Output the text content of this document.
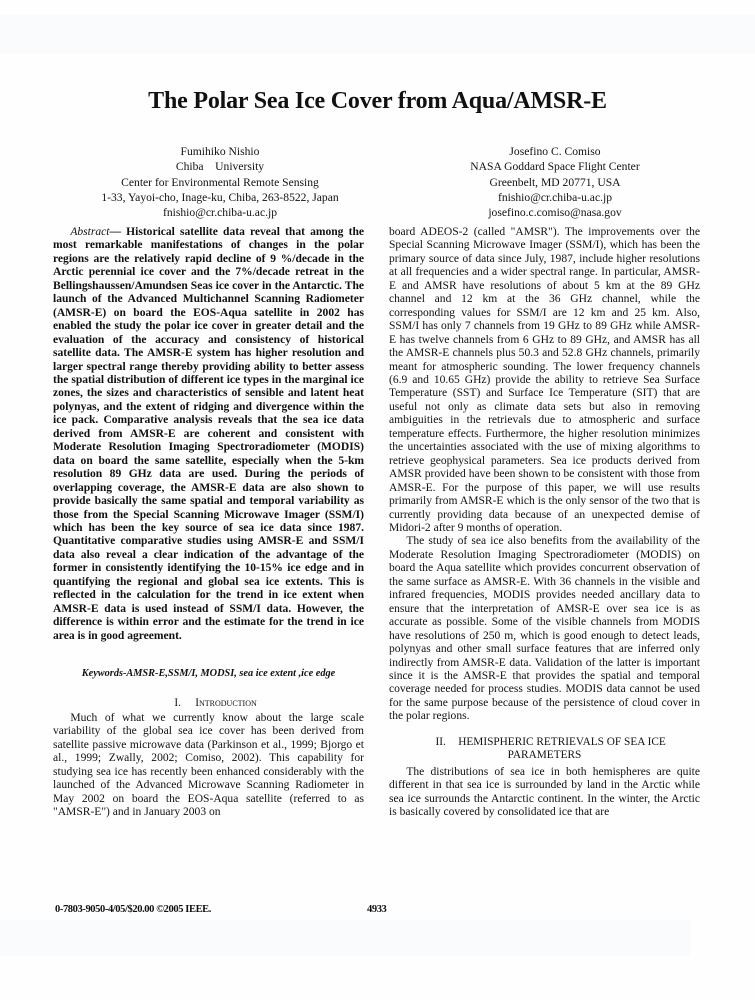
The Polar Sea Ice Cover from Aqua/AMSR-E
Fumihiko Nishio
Chiba    University
Center for Environmental Remote Sensing
1-33, Yayoi-cho, Inage-ku, Chiba, 263-8522, Japan
fnishio@cr.chiba-u.ac.jp
Josefino C. Comiso
NASA Goddard Space Flight Center
Greenbelt, MD 20771, USA
fnishio@cr.chiba-u.ac.jp
josefino.c.comiso@nasa.gov

Abstract— Historical satellite data reveal that among the most remarkable manifestations of changes in the polar regions are the relatively rapid decline of 9 %/decade in the Arctic perennial ice cover and the 7%/decade retreat in the Bellingshaussen/Amundsen Seas ice cover in the Antarctic. The launch of the Advanced Multichannel Scanning Radiometer (AMSR-E) on board the EOS-Aqua satellite in 2002 has enabled the study the polar ice cover in greater detail and the evaluation of the accuracy and consistency of historical satellite data. The AMSR-E system has higher resolution and larger spectral range thereby providing ability to better assess the spatial distribution of different ice types in the marginal ice zones, the sizes and characteristics of sensible and latent heat polynyas, and the extent of ridging and divergence within the ice pack. Comparative analysis reveals that the sea ice data derived from AMSR-E are coherent and consistent with Moderate Resolution Imaging Spectroradiometer (MODIS) data on board the same satellite, especially when the 5-km resolution 89 GHz data are used. During the periods of overlapping coverage, the AMSR-E data are also shown to provide basically the same spatial and temporal variability as those from the Special Scanning Microwave Imager (SSM/I) which has been the key source of sea ice data since 1987. Quantitative comparative studies using AMSR-E and SSM/I data also reveal a clear indication of the advantage of the former in consistently identifying the 10-15% ice edge and in quantifying the regional and global sea ice extents. This is reflected in the calculation for the trend in ice extent when AMSR-E data is used instead of SSM/I data. However, the difference is within error and the estimate for the trend in ice area is in good agreement.

Keywords-AMSR-E,SSM/I, MODSI, sea ice extent ,ice edge

I. Introduction

Much of what we currently know about the large scale variability of the global sea ice cover has been derived from satellite passive microwave data (Parkinson et al., 1999; Bjorgo et al., 1999; Zwally, 2002; Comiso, 2002). This capability for studying sea ice has recently been enhanced considerably with the launched of the Advanced Microwave Scanning Radiometer in May 2002 on board the EOS-Aqua satellite (referred to as "AMSR-E") and in January 2003 on

board ADEOS-2 (called "AMSR"). The improvements over the Special Scanning Microwave Imager (SSM/I), which has been the primary source of data since July, 1987, include higher resolutions at all frequencies and a wider spectral range. In particular, AMSR-E and AMSR have resolutions of about 5 km at the 89 GHz channel and 12 km at the 36 GHz channel, while the corresponding values for SSM/I are 12 km and 25 km. Also, SSM/I has only 7 channels from 19 GHz to 89 GHz while AMSR-E has twelve channels from 6 GHz to 89 GHz, and AMSR has all the AMSR-E channels plus 50.3 and 52.8 GHz channels, primarily meant for atmospheric sounding. The lower frequency channels (6.9 and 10.65 GHz) provide the ability to retrieve Sea Surface Temperature (SST) and Surface Ice Temperature (SIT) that are useful not only as climate data sets but also in removing ambiguities in the retrievals due to atmospheric and surface temperature effects. Furthermore, the higher resolution minimizes the uncertainties associated with the use of mixing algorithms to retrieve geophysical parameters. Sea ice products derived from AMSR provided have been shown to be consistent with those from AMSR-E. For the purpose of this paper, we will use results primarily from AMSR-E which is the only sensor of the two that is currently providing data because of an unexpected demise of Midori-2 after 9 months of operation.

The study of sea ice also benefits from the availability of the Moderate Resolution Imaging Spectroradiometer (MODIS) on board the Aqua satellite which provides concurrent observation of the same surface as AMSR-E. With 36 channels in the visible and infrared frequencies, MODIS provides needed ancillary data to ensure that the interpretation of AMSR-E over sea ice is as accurate as possible. Some of the visible channels from MODIS have resolutions of 250 m, which is good enough to detect leads, polynyas and other small surface features that are inferred only indirectly from AMSR-E data. Validation of the latter is important since it is the AMSR-E that provides the spatial and temporal coverage needed for process studies. MODIS data cannot be used for the same purpose because of the persistence of cloud cover in the polar regions.

II. HEMISPHERIC RETRIEVALS OF SEA ICE
PARAMETERS

The distributions of sea ice in both hemispheres are quite different in that sea ice is surrounded by land in the Arctic while sea ice surrounds the Antarctic continent. In the winter, the Arctic is basically covered by consolidated ice that are

0-7803-9050-4/05/$20.00 ©2005 IEEE.	4933
